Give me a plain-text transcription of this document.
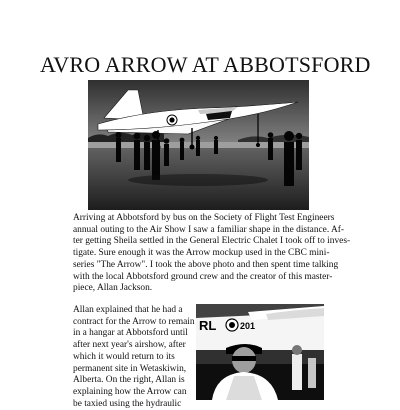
AVRO ARROW AT ABBOTSFORD
Arriving at Abbotsford by bus on the Society of Flight Test Engineers
annual outing to the Air Show I saw a familiar shape in the distance. Af-
ter getting Sheila settled in the General Electric Chalet I took off to inves-
tigate. Sure enough it was the Arrow mockup used in the CBC mini-
series "The Arrow". I took the above photo and then spent time talking
with the local Abbotsford ground crew and the creator of this master-
piece, Allan Jackson.
Allan explained that he had a
contract for the Arrow to remain
in a hangar at Abbotsford until
after next year's airshow, after
which it would return to its
permanent site in Wetaskiwin,
Alberta. On the right, Allan is
explaining how the Arrow can
be taxied using the hydraulic
RL	201
